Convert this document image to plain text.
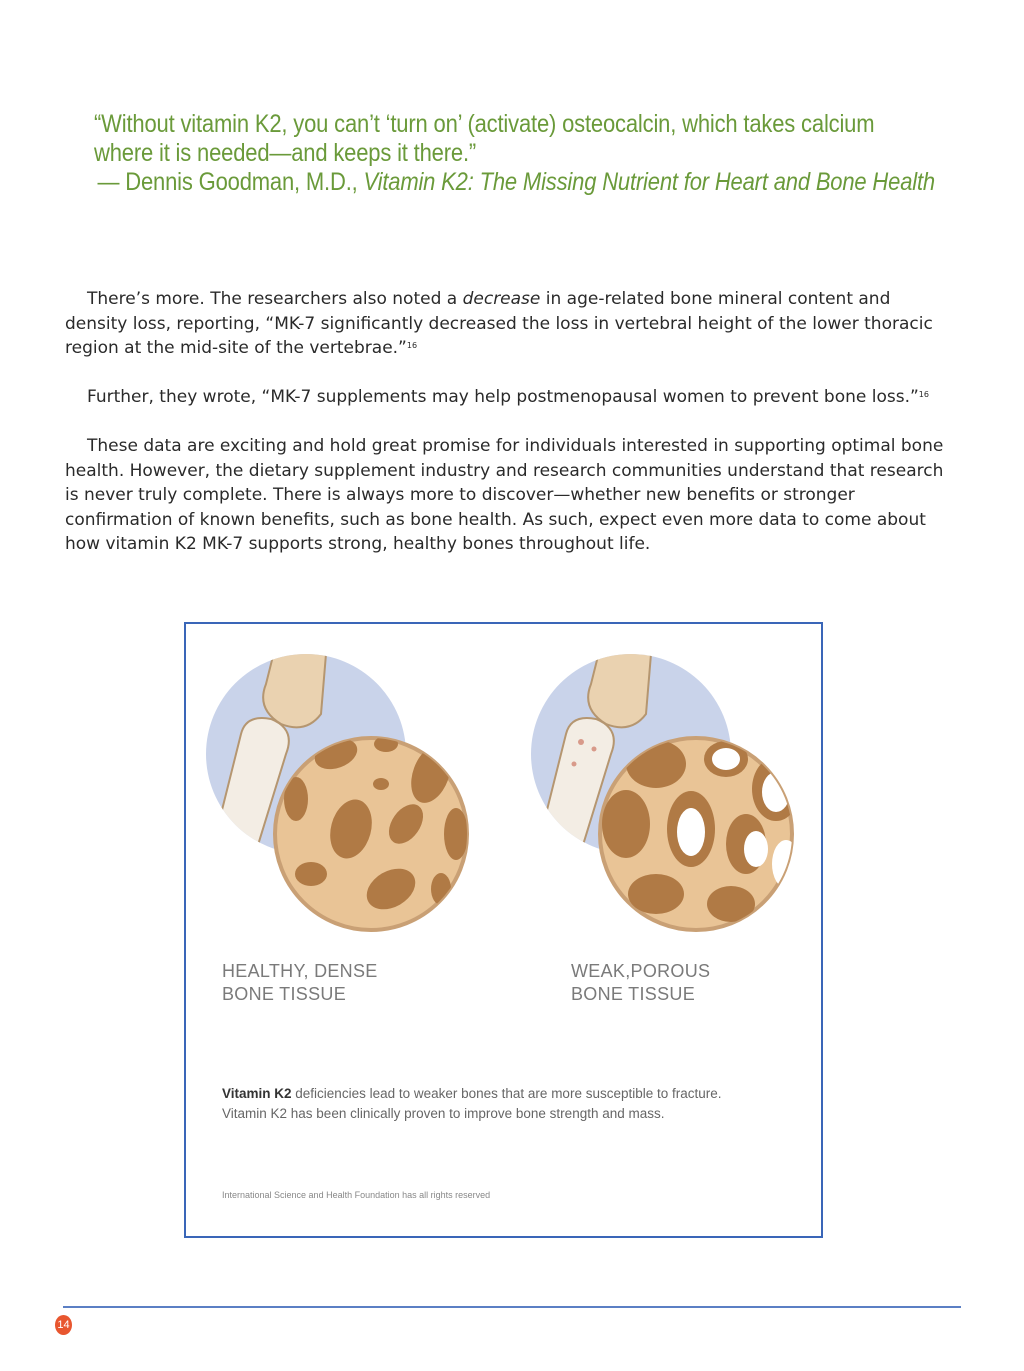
“Without vitamin K2, you can’t ‘turn on’ (activate) osteocalcin, which takes calcium
where it is needed—and keeps it there.”
— Dennis Goodman, M.D., Vitamin K2: The Missing Nutrient for Heart and Bone Health

There’s more. The researchers also noted a decrease in age-related bone mineral content and density loss, reporting, “MK-7 significantly decreased the loss in vertebral height of the lower thoracic region at the mid-site of the vertebrae.”$^{16}$

Further, they wrote, “MK-7 supplements may help postmenopausal women to prevent bone loss.”$^{16}$

These data are exciting and hold great promise for individuals interested in supporting optimal bone health. However, the dietary supplement industry and research communities understand that research is never truly complete. There is always more to discover—whether new benefits or stronger confirmation of known benefits, such as bone health. As such, expect even more data to come about how vitamin K2 MK-7 supports strong, healthy bones throughout life.

HEALTHY, DENSE
BONE TISSUE
WEAK,POROUS
BONE TISSUE
Vitamin K2 deficiencies lead to weaker bones that are more susceptible to fracture. Vitamin K2 has been clinically proven to improve bone strength and mass.
International Science and Health Foundation has all rights reserved
14
